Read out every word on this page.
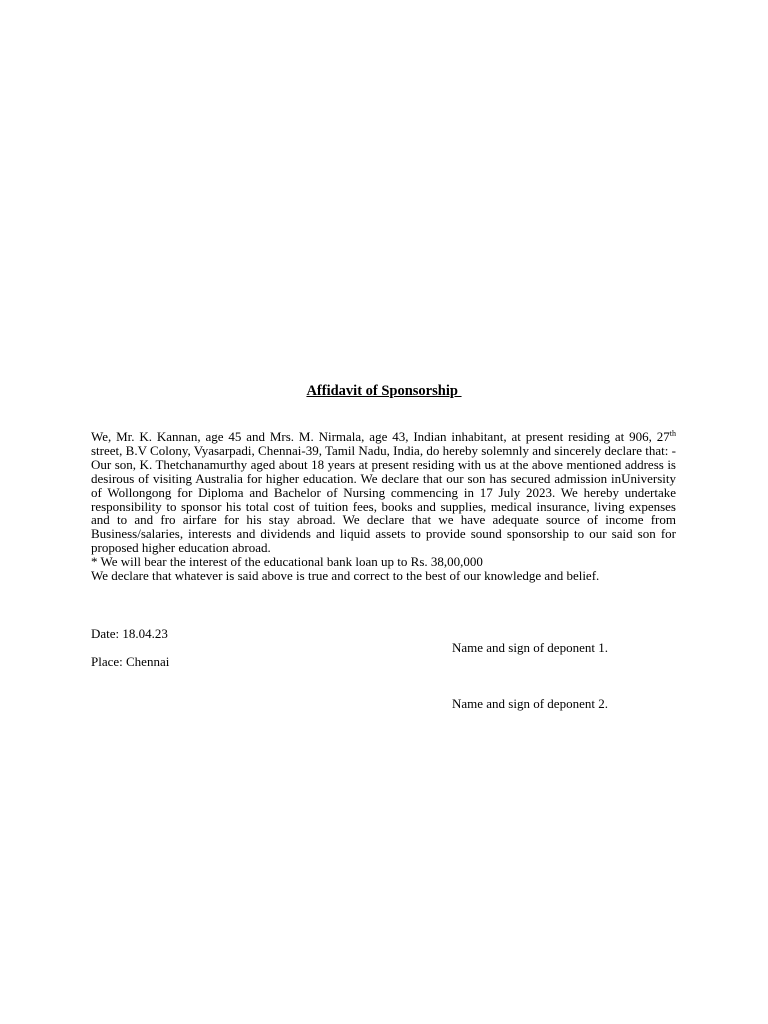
Affidavit of Sponsorship

We, Mr. K. Kannan, age 45 and Mrs. M. Nirmala, age 43, Indian inhabitant, at present residing at 906, 27th street, B.V Colony, Vyasarpadi, Chennai-39, Tamil Nadu, India, do hereby solemnly and sincerely declare that: -Our son, K. Thetchanamurthy aged about 18 years at present residing with us at the above mentioned address is desirous of visiting Australia for higher education. We declare that our son has secured admission inUniversity of Wollongong for Diploma and Bachelor of Nursing commencing in 17 July 2023. We hereby undertake responsibility to sponsor his total cost of tuition fees, books and supplies, medical insurance, living expenses and to and fro airfare for his stay abroad. We declare that we have adequate source of income from Business/salaries, interests and dividends and liquid assets to provide sound sponsorship to our said son for proposed higher education abroad.

* We will bear the interest of the educational bank loan up to Rs. 38,00,000

We declare that whatever is said above is true and correct to the best of our knowledge and belief.

Date: 18.04.23
Name and sign of deponent 1.
Place: Chennai
Name and sign of deponent 2.
